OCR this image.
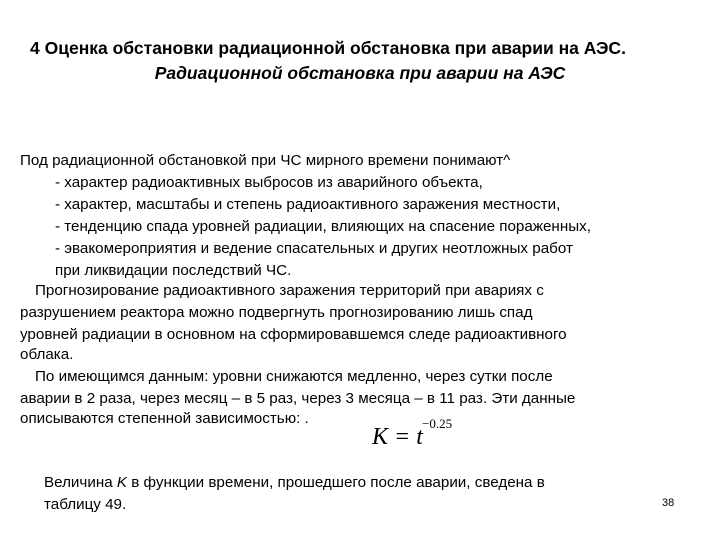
4 Оценка обстановки радиационной обстановка при аварии на АЭС.
Радиационной обстановка при аварии на АЭС
Под радиационной обстановкой при ЧС мирного времени понимают^
- характер радиоактивных выбросов из аварийного объекта,
- характер, масштабы и степень радиоактивного заражения местности,
- тенденцию спада уровней радиации, влияющих на спасение пораженных,
- эвакомероприятия и ведение спасательных и других неотложных работ
при ликвидации последствий ЧС.
Прогнозирование радиоактивного заражения территорий при авариях с
разрушением реактора можно подвергнуть прогнозированию лишь спад
уровней радиации в основном на сформировавшемся следе радиоактивного
облака.
По имеющимся данным: уровни снижаются медленно, через сутки после
аварии в 2 раза, через месяц – в 5 раз, через 3 месяца – в 11 раз. Эти данные
описываются степенной зависимостью: .
K = t
−0.25
Величина K в функции времени, прошедшего после аварии, сведена в
таблицу 49.	38
